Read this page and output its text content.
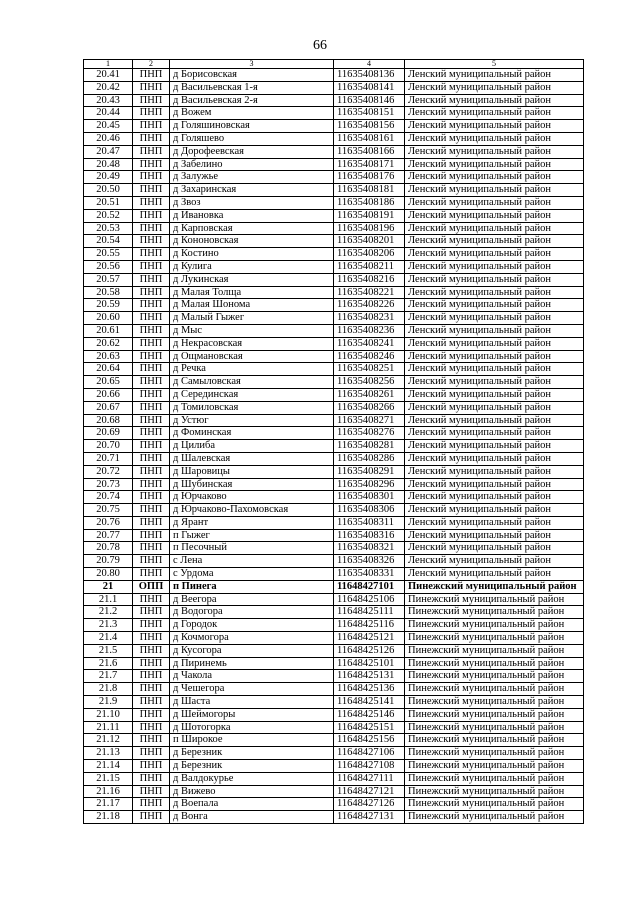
66
1	2	3	4	5
20.41	ПНП	д Борисовская	11635408136	Ленский муниципальный район
20.42	ПНП	д Васильевская 1-я	11635408141	Ленский муниципальный район
20.43	ПНП	д Васильевская 2-я	11635408146	Ленский муниципальный район
20.44	ПНП	д Вожем	11635408151	Ленский муниципальный район
20.45	ПНП	д Голяшиновская	11635408156	Ленский муниципальный район
20.46	ПНП	д Голяшево	11635408161	Ленский муниципальный район
20.47	ПНП	д Дорофеевская	11635408166	Ленский муниципальный район
20.48	ПНП	д Забелино	11635408171	Ленский муниципальный район
20.49	ПНП	д Залужье	11635408176	Ленский муниципальный район
20.50	ПНП	д Захаринская	11635408181	Ленский муниципальный район
20.51	ПНП	д Звоз	11635408186	Ленский муниципальный район
20.52	ПНП	д Ивановка	11635408191	Ленский муниципальный район
20.53	ПНП	д Карповская	11635408196	Ленский муниципальный район
20.54	ПНП	д Кононовская	11635408201	Ленский муниципальный район
20.55	ПНП	д Костино	11635408206	Ленский муниципальный район
20.56	ПНП	д Кулига	11635408211	Ленский муниципальный район
20.57	ПНП	д Лукинская	11635408216	Ленский муниципальный район
20.58	ПНП	д Малая Толща	11635408221	Ленский муниципальный район
20.59	ПНП	д Малая Шонома	11635408226	Ленский муниципальный район
20.60	ПНП	д Малый Гыжег	11635408231	Ленский муниципальный район
20.61	ПНП	д Мыс	11635408236	Ленский муниципальный район
20.62	ПНП	д Некрасовская	11635408241	Ленский муниципальный район
20.63	ПНП	д Ощмановская	11635408246	Ленский муниципальный район
20.64	ПНП	д Речка	11635408251	Ленский муниципальный район
20.65	ПНП	д Самыловская	11635408256	Ленский муниципальный район
20.66	ПНП	д Серединская	11635408261	Ленский муниципальный район
20.67	ПНП	д Томиловская	11635408266	Ленский муниципальный район
20.68	ПНП	д Устюг	11635408271	Ленский муниципальный район
20.69	ПНП	д Фоминская	11635408276	Ленский муниципальный район
20.70	ПНП	д Цилиба	11635408281	Ленский муниципальный район
20.71	ПНП	д Шалевская	11635408286	Ленский муниципальный район
20.72	ПНП	д Шаровицы	11635408291	Ленский муниципальный район
20.73	ПНП	д Шубинская	11635408296	Ленский муниципальный район
20.74	ПНП	д Юрчаково	11635408301	Ленский муниципальный район
20.75	ПНП	д Юрчаково-Пахомовская	11635408306	Ленский муниципальный район
20.76	ПНП	д Ярант	11635408311	Ленский муниципальный район
20.77	ПНП	п Гыжег	11635408316	Ленский муниципальный район
20.78	ПНП	п Песочный	11635408321	Ленский муниципальный район
20.79	ПНП	с Лена	11635408326	Ленский муниципальный район
20.80	ПНП	с Урдома	11635408331	Ленский муниципальный район
21	ОПП	п Пинега	11648427101	Пинежский муниципальный район
21.1	ПНП	д Веегора	11648425106	Пинежский муниципальный район
21.2	ПНП	д Водогора	11648425111	Пинежский муниципальный район
21.3	ПНП	д Городок	11648425116	Пинежский муниципальный район
21.4	ПНП	д Кочмогора	11648425121	Пинежский муниципальный район
21.5	ПНП	д Кусогора	11648425126	Пинежский муниципальный район
21.6	ПНП	д Пиринемь	11648425101	Пинежский муниципальный район
21.7	ПНП	д Чакола	11648425131	Пинежский муниципальный район
21.8	ПНП	д Чешегора	11648425136	Пинежский муниципальный район
21.9	ПНП	д Шаста	11648425141	Пинежский муниципальный район
21.10	ПНП	д Шеймогоры	11648425146	Пинежский муниципальный район
21.11	ПНП	д Шотогорка	11648425151	Пинежский муниципальный район
21.12	ПНП	п Широкое	11648425156	Пинежский муниципальный район
21.13	ПНП	д Березник	11648427106	Пинежский муниципальный район
21.14	ПНП	д Березник	11648427108	Пинежский муниципальный район
21.15	ПНП	д Валдокурье	11648427111	Пинежский муниципальный район
21.16	ПНП	д Вижево	11648427121	Пинежский муниципальный район
21.17	ПНП	д Воепала	11648427126	Пинежский муниципальный район
21.18	ПНП	д Вонга	11648427131	Пинежский муниципальный район
